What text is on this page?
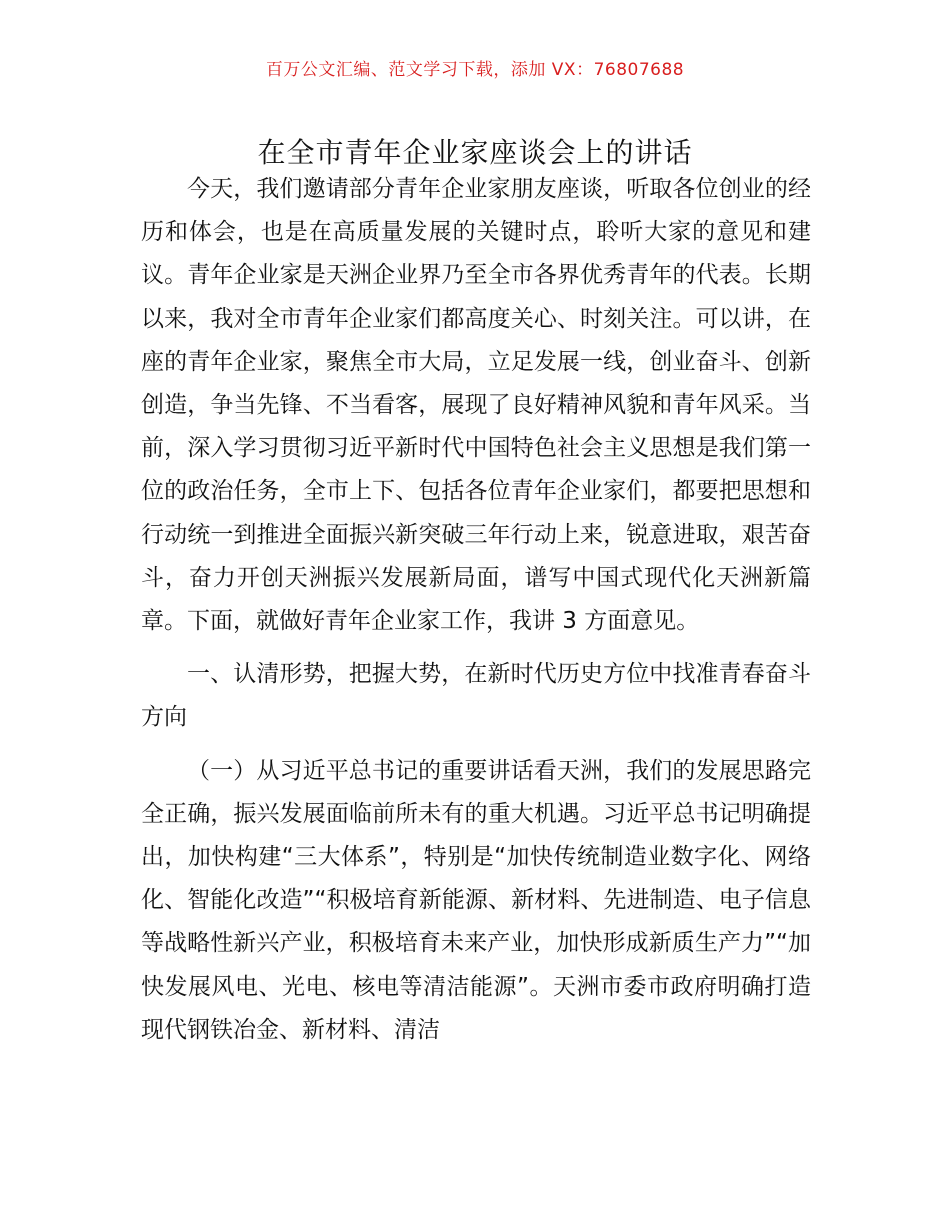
百万公文汇编、范文学习下载，添加 VX：76807688
在全市青年企业家座谈会上的讲话

今天，我们邀请部分青年企业家朋友座谈，听取各位创业的经历和体会，也是在高质量发展的关键时点，聆听大家的意见和建议。青年企业家是天洲企业界乃至全市各界优秀青年的代表。长期以来，我对全市青年企业家们都高度关心、时刻关注。可以讲，在座的青年企业家，聚焦全市大局，立足发展一线，创业奋斗、创新创造，争当先锋、不当看客，展现了良好精神风貌和青年风采。当前，深入学习贯彻习近平新时代中国特色社会主义思想是我们第一位的政治任务，全市上下、包括各位青年企业家们，都要把思想和行动统一到推进全面振兴新突破三年行动上来，锐意进取，艰苦奋斗，奋力开创天洲振兴发展新局面，谱写中国式现代化天洲新篇章。下面，就做好青年企业家工作，我讲 3 方面意见。

一、认清形势，把握大势，在新时代历史方位中找准青春奋斗方向

（一）从习近平总书记的重要讲话看天洲，我们的发展思路完全正确，振兴发展面临前所未有的重大机遇。习近平总书记明确提出，加快构建“三大体系”，特别是“加快传统制造业数字化、网络化、智能化改造”“积极培育新能源、新材料、先进制造、电子信息等战略性新兴产业，积极培育未来产业，加快形成新质生产力”“加快发展风电、光电、核电等清洁能源”。天洲市委市政府明确打造现代钢铁冶金、新材料、清洁
